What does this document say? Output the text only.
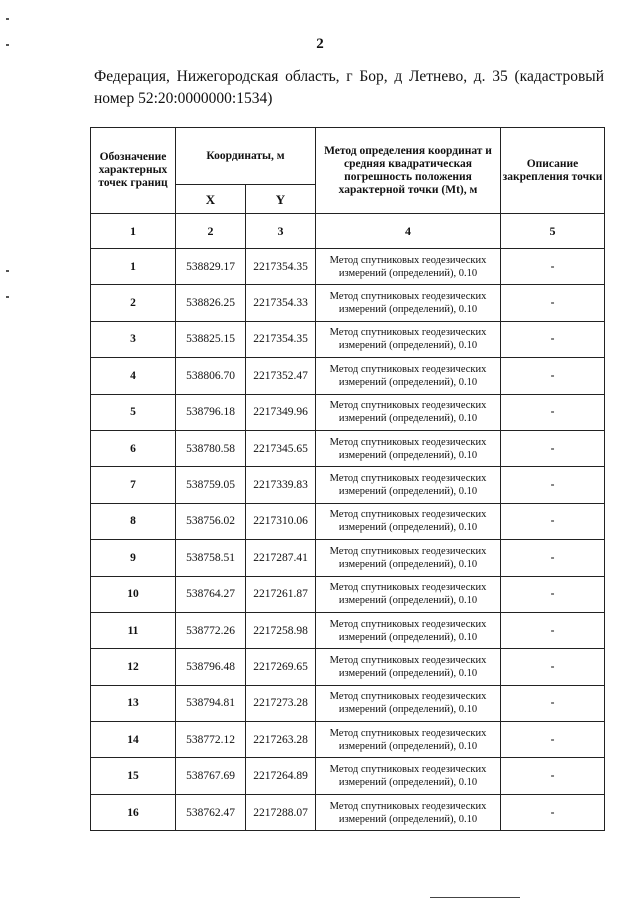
2
Федерация, Нижегородская область, г Бор, д Летнево, д. 35 (кадастровый номер 52:20:0000000:1534)
Обозначение характерных точек границ	Координаты, м		Метод определения координат и средняя квадратическая погрешность положения характерной точки (Mt), м	Описание закрепления точки
	X	Y		
1	2	3	4	5
1	538829.17	2217354.35	Метод спутниковых геодезических измерений (определений), 0.10	-
2	538826.25	2217354.33	Метод спутниковых геодезических измерений (определений), 0.10	-
3	538825.15	2217354.35	Метод спутниковых геодезических измерений (определений), 0.10	-
4	538806.70	2217352.47	Метод спутниковых геодезических измерений (определений), 0.10	-
5	538796.18	2217349.96	Метод спутниковых геодезических измерений (определений), 0.10	-
6	538780.58	2217345.65	Метод спутниковых геодезических измерений (определений), 0.10	-
7	538759.05	2217339.83	Метод спутниковых геодезических измерений (определений), 0.10	-
8	538756.02	2217310.06	Метод спутниковых геодезических измерений (определений), 0.10	-
9	538758.51	2217287.41	Метод спутниковых геодезических измерений (определений), 0.10	-
10	538764.27	2217261.87	Метод спутниковых геодезических измерений (определений), 0.10	-
11	538772.26	2217258.98	Метод спутниковых геодезических измерений (определений), 0.10	-
12	538796.48	2217269.65	Метод спутниковых геодезических измерений (определений), 0.10	-
13	538794.81	2217273.28	Метод спутниковых геодезических измерений (определений), 0.10	-
14	538772.12	2217263.28	Метод спутниковых геодезических измерений (определений), 0.10	-
15	538767.69	2217264.89	Метод спутниковых геодезических измерений (определений), 0.10	-
16	538762.47	2217288.07	Метод спутниковых геодезических измерений (определений), 0.10	-
